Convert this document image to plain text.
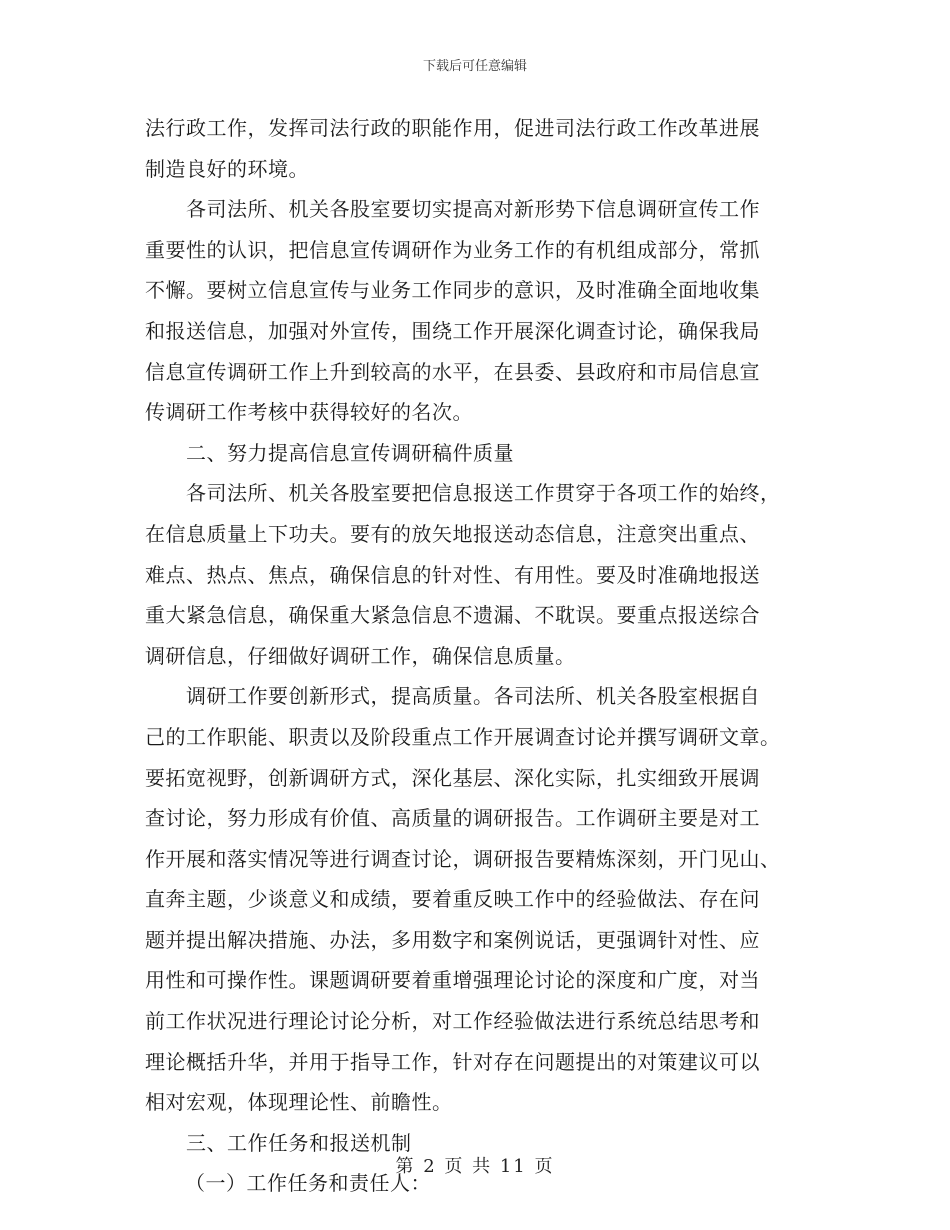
下载后可任意编辑
法行政工作，发挥司法行政的职能作用，促进司法行政工作改革进展
制造良好的环境。
各司法所、机关各股室要切实提高对新形势下信息调研宣传工作
重要性的认识，把信息宣传调研作为业务工作的有机组成部分，常抓
不懈。要树立信息宣传与业务工作同步的意识，及时准确全面地收集
和报送信息，加强对外宣传，围绕工作开展深化调查讨论，确保我局
信息宣传调研工作上升到较高的水平，在县委、县政府和市局信息宣
传调研工作考核中获得较好的名次。
二、努力提高信息宣传调研稿件质量
各司法所、机关各股室要把信息报送工作贯穿于各项工作的始终，
在信息质量上下功夫。要有的放矢地报送动态信息，注意突出重点、
难点、热点、焦点，确保信息的针对性、有用性。要及时准确地报送
重大紧急信息，确保重大紧急信息不遗漏、不耽误。要重点报送综合
调研信息，仔细做好调研工作，确保信息质量。
调研工作要创新形式，提高质量。各司法所、机关各股室根据自
己的工作职能、职责以及阶段重点工作开展调查讨论并撰写调研文章。
要拓宽视野，创新调研方式，深化基层、深化实际，扎实细致开展调
查讨论，努力形成有价值、高质量的调研报告。工作调研主要是对工
作开展和落实情况等进行调查讨论，调研报告要精炼深刻，开门见山、
直奔主题，少谈意义和成绩，要着重反映工作中的经验做法、存在问
题并提出解决措施、办法，多用数字和案例说话，更强调针对性、应
用性和可操作性。课题调研要着重增强理论讨论的深度和广度，对当
前工作状况进行理论讨论分析，对工作经验做法进行系统总结思考和
理论概括升华，并用于指导工作，针对存在问题提出的对策建议可以
相对宏观，体现理论性、前瞻性。
三、工作任务和报送机制
（一）工作任务和责任人：
第 2 页 共 11 页
